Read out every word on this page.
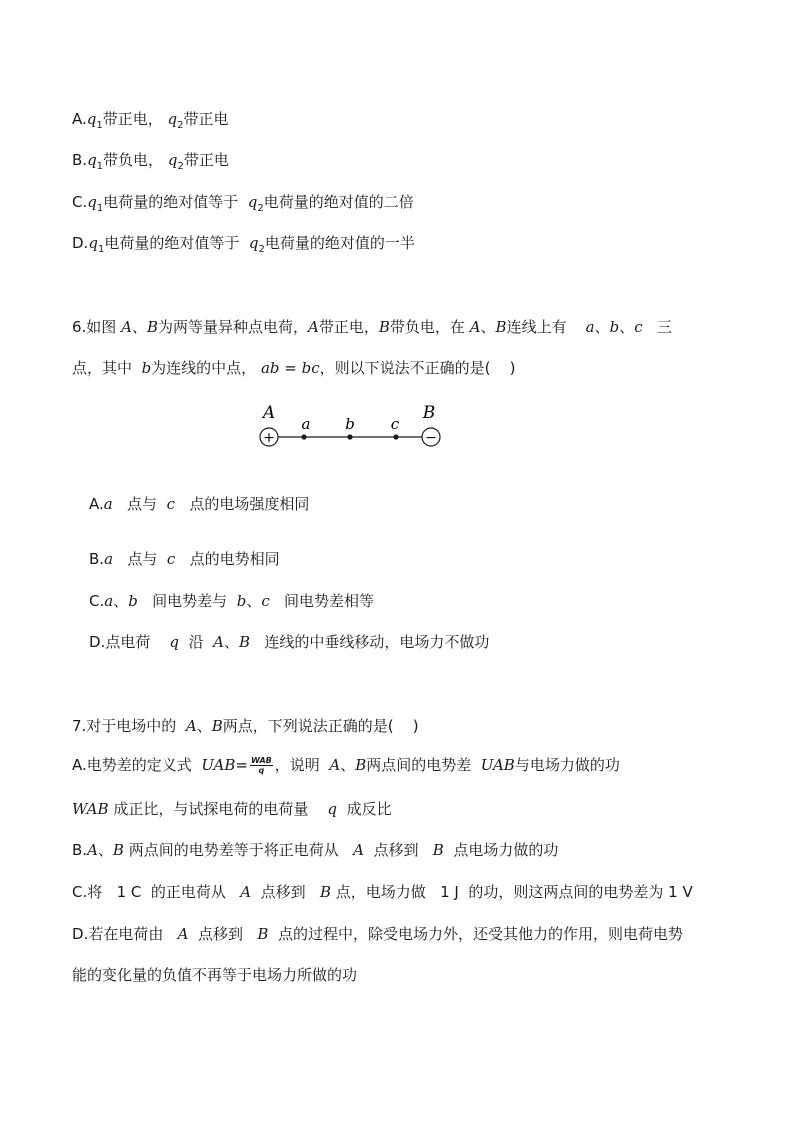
$A.q_1$带正电， $q_2$带正电
$B.q_1$带负电， $q_2$带正电
$C.q_1$电荷量的绝对值等于 $q_2$电荷量的绝对值的二倍
$D.q_1$电荷量的绝对值等于 $q_2$电荷量的绝对值的一半
6.如图 A、B为两等量异种点电荷，A带正电，B带负电，在 A、B连线上有 a、b、c 三
点，其中 b为连线的中点， ab = bc，则以下说法不正确的是( )
+	−
A	B
a b c
A.a 点与 c 点的电场强度相同
B.a 点与 c 点的电势相同
C.a、b 间电势差与 b、c 间电势差相等
D.点电荷 q 沿 A、B 连线的中垂线移动，电场力不做功
7.对于电场中的 A、B两点，下列说法正确的是( )
A.电势差的定义式 $UAB= \frac{\text{WAB}}{q}$ ，说明 A、B两点间的电势差 UAB与电场力做的功
WAB 成正比，与试探电荷的电荷量 q 成反比
B.A、B 两点间的电势差等于将正电荷从 A 点移到 B 点电场力做的功
C.将 1 C 的正电荷从 A 点移到 B 点，电场力做 1 J 的功，则这两点间的电势差为 1 V
D.若在电荷由 A 点移到 B 点的过程中，除受电场力外，还受其他力的作用，则电荷电势
能的变化量的负值不再等于电场力所做的功
